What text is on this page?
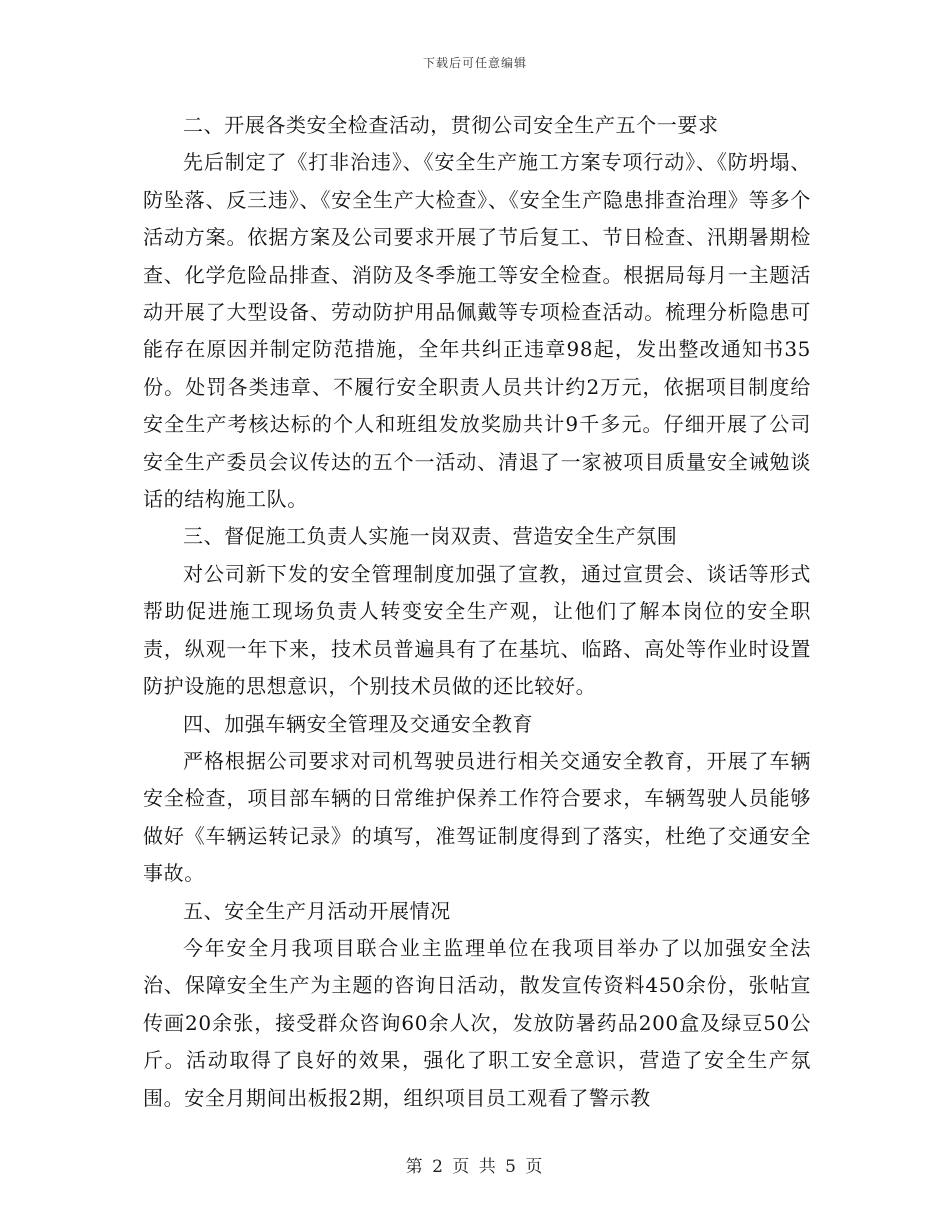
下载后可任意编辑

二、开展各类安全检查活动，贯彻公司安全生产五个一要求

先后制定了《打非治违》、《安全生产施工方案专项行动》、《防坍塌、防坠落、反三违》、《安全生产大检查》、《安全生产隐患排查治理》等多个活动方案。依据方案及公司要求开展了节后复工、节日检查、汛期暑期检查、化学危险品排查、消防及冬季施工等安全检查。根据局每月一主题活动开展了大型设备、劳动防护用品佩戴等专项检查活动。梳理分析隐患可能存在原因并制定防范措施，全年共纠正违章98起，发出整改通知书35份。处罚各类违章、不履行安全职责人员共计约2万元，依据项目制度给安全生产考核达标的个人和班组发放奖励共计9千多元。仔细开展了公司安全生产委员会议传达的五个一活动、清退了一家被项目质量安全诫勉谈话的结构施工队。

三、督促施工负责人实施一岗双责、营造安全生产氛围

对公司新下发的安全管理制度加强了宣教，通过宣贯会、谈话等形式帮助促进施工现场负责人转变安全生产观，让他们了解本岗位的安全职责，纵观一年下来，技术员普遍具有了在基坑、临路、高处等作业时设置防护设施的思想意识，个别技术员做的还比较好。

四、加强车辆安全管理及交通安全教育

严格根据公司要求对司机驾驶员进行相关交通安全教育，开展了车辆安全检查，项目部车辆的日常维护保养工作符合要求，车辆驾驶人员能够做好《车辆运转记录》的填写，准驾证制度得到了落实，杜绝了交通安全事故。

五、安全生产月活动开展情况

今年安全月我项目联合业主监理单位在我项目举办了以加强安全法治、保障安全生产为主题的咨询日活动，散发宣传资料450余份，张帖宣传画20余张，接受群众咨询60余人次，发放防暑药品200盒及绿豆50公斤。活动取得了良好的效果，强化了职工安全意识，营造了安全生产氛围。安全月期间出板报2期，组织项目员工观看了警示教

第 2 页 共 5 页
